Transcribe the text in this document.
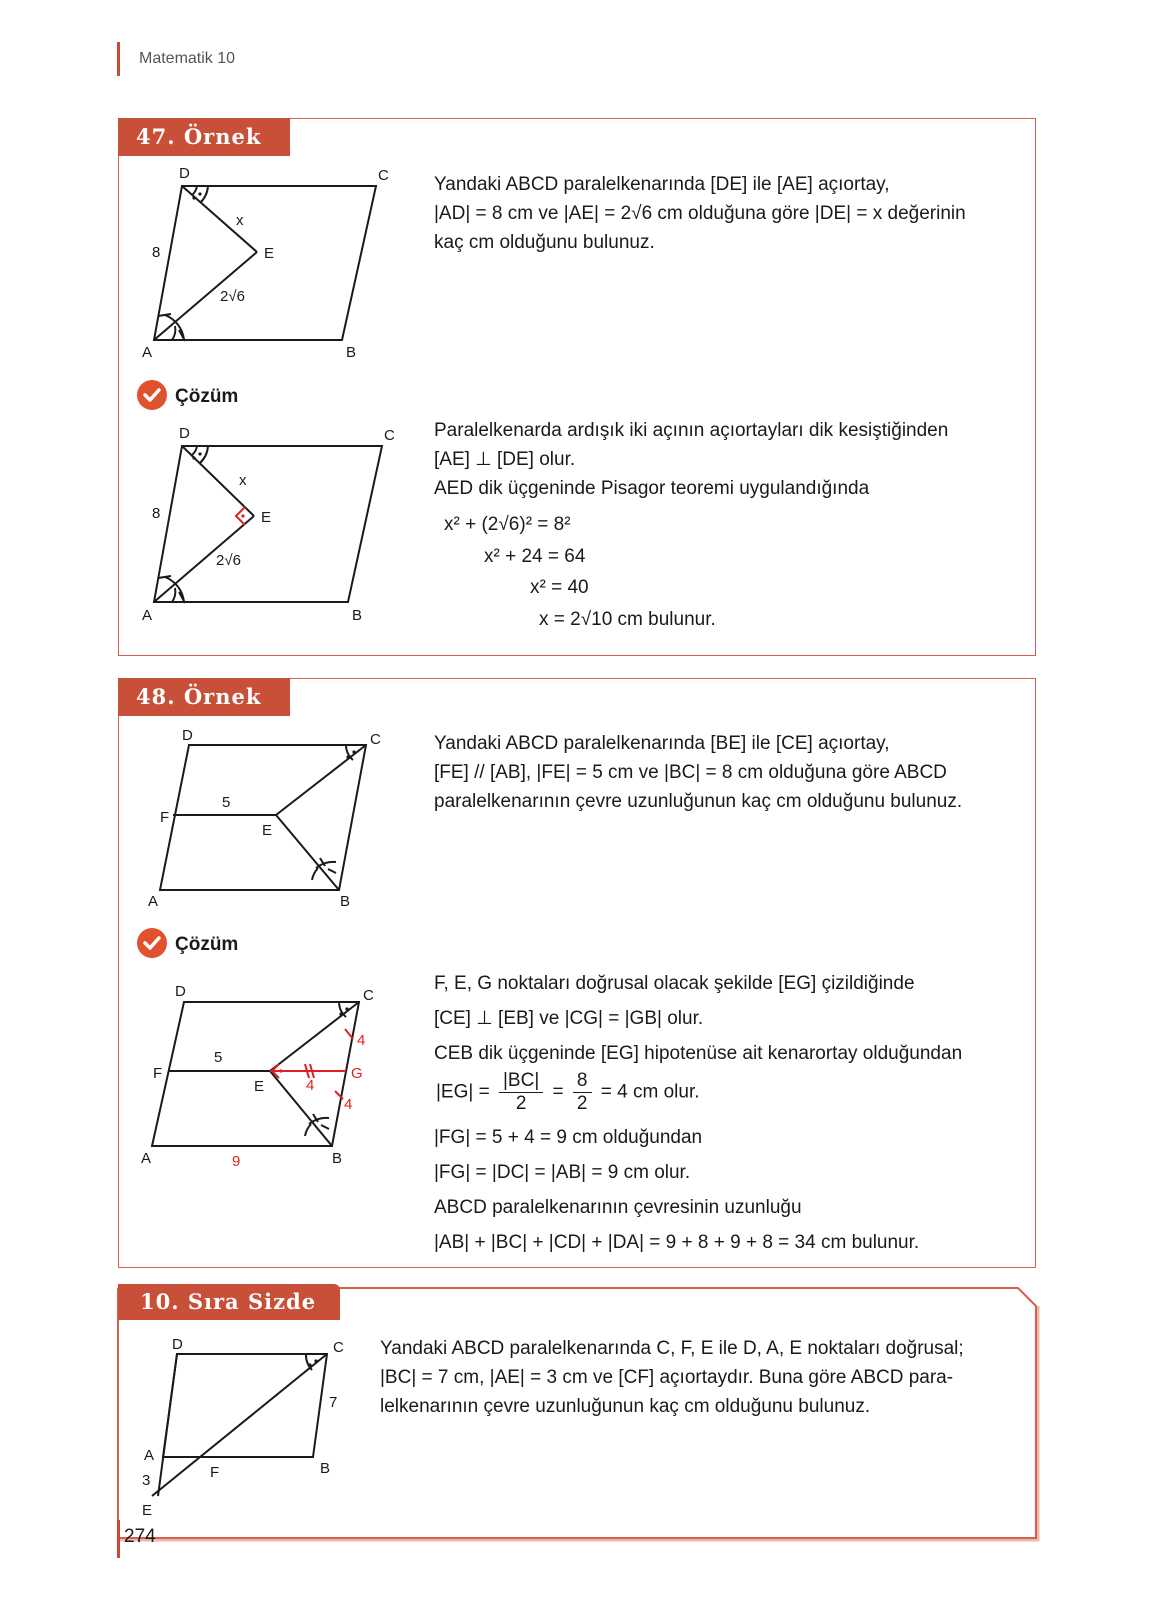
Matematik 10
47. Örnek
D	C
A	B
E
x
8
2√6
Yandaki ABCD paralelkenarında [DE] ile [AE] açıortay,
|AD| = 8 cm ve |AE| = 2√6 cm olduğuna göre |DE| = x değerinin
kaç cm olduğunu bulunuz.
Çözüm
D	C
A	B
E
x
8
2√6
Paralelkenarda ardışık iki açının açıortayları dik kesiştiğinden
[AE] ⊥ [DE] olur.
AED dik üçgeninde Pisagor teoremi uygulandığında
x² + (2√6)² = 8²
x² + 24 = 64
x² = 40
x = 2√10 cm bulunur.
48. Örnek
D	C
A	B
F
E
5
Yandaki ABCD paralelkenarında [BE] ile [CE] açıortay,
[FE] // [AB], |FE| = 5 cm ve |BC| = 8 cm olduğuna göre ABCD
paralelkenarının çevre uzunluğunun kaç cm olduğunu bulunuz.
Çözüm
D	C
A	B
F
E
G
5
4
4
4
9
F, E, G noktaları doğrusal olacak şekilde [EG] çizildiğinde
[CE] ⊥ [EB] ve |CG| = |GB| olur.
CEB dik üçgeninde [EG] hipotenüse ait kenarortay olduğundan
$|EG| = \frac{|BC|}{2} = \frac{8}{2} = 4$ cm olur.
|FG| = 5 + 4 = 9 cm olduğundan
|FG| = |DC| = |AB| = 9 cm olur.
ABCD paralelkenarının çevresinin uzunluğu
|AB| + |BC| + |CD| + |DA| = 9 + 8 + 9 + 8 = 34 cm bulunur.
10. Sıra Sizde
D	C
A
B
E
F
7
3
Yandaki ABCD paralelkenarında C, F, E ile D, A, E noktaları doğrusal;
|BC| = 7 cm, |AE| = 3 cm ve [CF] açıortaydır. Buna göre ABCD para-
lelkenarının çevre uzunluğunun kaç cm olduğunu bulunuz.
274
